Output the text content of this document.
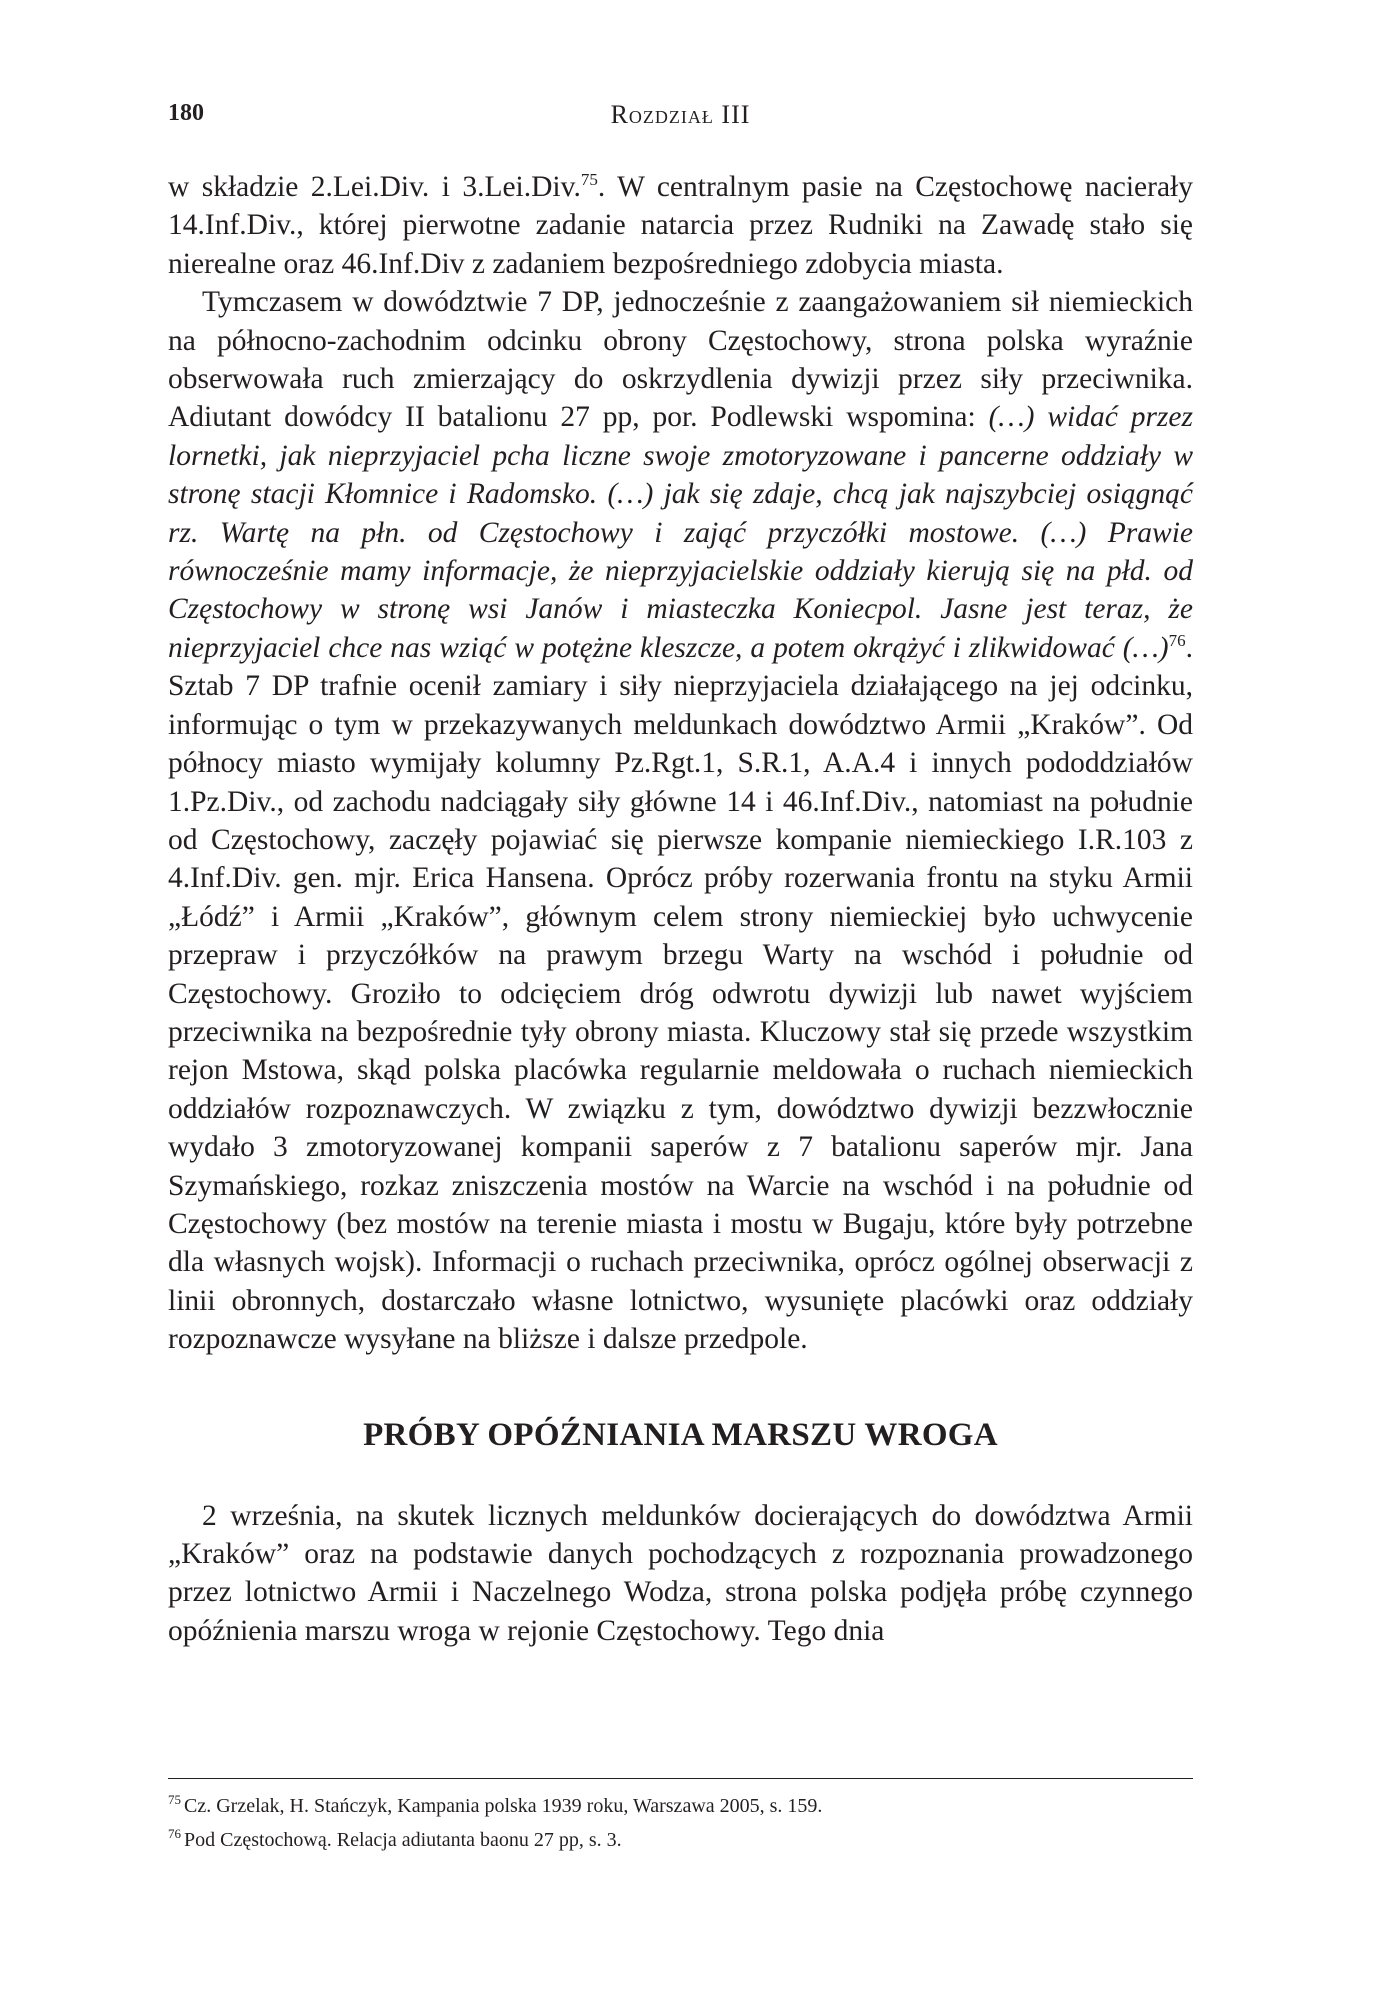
180	Rozdział III

w składzie 2.Lei.Div. i 3.Lei.Div.$^{75}$. W centralnym pasie na Częstochowę nacierały 14.Inf.Div., której pierwotne zadanie natarcia przez Rudniki na Zawadę stało się nierealne oraz 46.Inf.Div z zadaniem bezpośredniego zdobycia miasta.

Tymczasem w dowództwie 7 DP, jednocześnie z zaangażowaniem sił niemieckich na północno-zachodnim odcinku obrony Częstochowy, strona polska wyraźnie obserwowała ruch zmierzający do oskrzydlenia dywizji przez siły przeciwnika. Adiutant dowódcy II batalionu 27 pp, por. Podlewski wspomina: (…) widać przez lornetki, jak nieprzyjaciel pcha liczne swoje zmotoryzowane i pancerne oddziały w stronę stacji Kłomnice i Radomsko. (…) jak się zdaje, chcą jak najszybciej osiągnąć rz. Wartę na płn. od Częstochowy i zająć przyczółki mostowe. (…) Prawie równocześnie mamy informacje, że nieprzyjacielskie oddziały kierują się na płd. od Częstochowy w stronę wsi Janów i miasteczka Koniecpol. Jasne jest teraz, że nieprzyjaciel chce nas wziąć w potężne kleszcze, a potem okrążyć i zlikwidować (…)$^{76}$. Sztab 7 DP trafnie ocenił zamiary i siły nieprzyjaciela działającego na jej odcinku, informując o tym w przekazywanych meldunkach dowództwo Armii „Kraków”. Od północy miasto wymijały kolumny Pz.Rgt.1, S.R.1, A.A.4 i innych pododdziałów 1.Pz.Div., od zachodu nadciągały siły główne 14 i 46.Inf.Div., natomiast na południe od Częstochowy, zaczęły pojawiać się pierwsze kompanie niemieckiego I.R.103 z 4.Inf.Div. gen. mjr. Erica Hansena. Oprócz próby rozerwania frontu na styku Armii „Łódź” i Armii „Kraków”, głównym celem strony niemieckiej było uchwycenie przepraw i przyczółków na prawym brzegu Warty na wschód i południe od Częstochowy. Groziło to odcięciem dróg odwrotu dywizji lub nawet wyjściem przeciwnika na bezpośrednie tyły obrony miasta. Kluczowy stał się przede wszystkim rejon Mstowa, skąd polska placówka regularnie meldowała o ruchach niemieckich oddziałów rozpoznawczych. W związku z tym, dowództwo dywizji bezzwłocznie wydało 3 zmotoryzowanej kompanii saperów z 7 batalionu saperów mjr. Jana Szymańskiego, rozkaz zniszczenia mostów na Warcie na wschód i na południe od Częstochowy (bez mostów na terenie miasta i mostu w Bugaju, które były potrzebne dla własnych wojsk). Informacji o ruchach przeciwnika, oprócz ogólnej obserwacji z linii obronnych, dostarczało własne lotnictwo, wysunięte placówki oraz oddziały rozpoznawcze wysyłane na bliższe i dalsze przedpole.

PRÓBY OPÓŹNIANIA MARSZU WROGA

2 września, na skutek licznych meldunków docierających do dowództwa Armii „Kraków” oraz na podstawie danych pochodzących z rozpoznania prowadzonego przez lotnictwo Armii i Naczelnego Wodza, strona polska podjęła próbę czynnego opóźnienia marszu wroga w rejonie Częstochowy. Tego dnia

$^{75}$ Cz. Grzelak, H. Stańczyk, Kampania polska 1939 roku, Warszawa 2005, s. 159.

$^{76}$ Pod Częstochową. Relacja adiutanta baonu 27 pp, s. 3.
